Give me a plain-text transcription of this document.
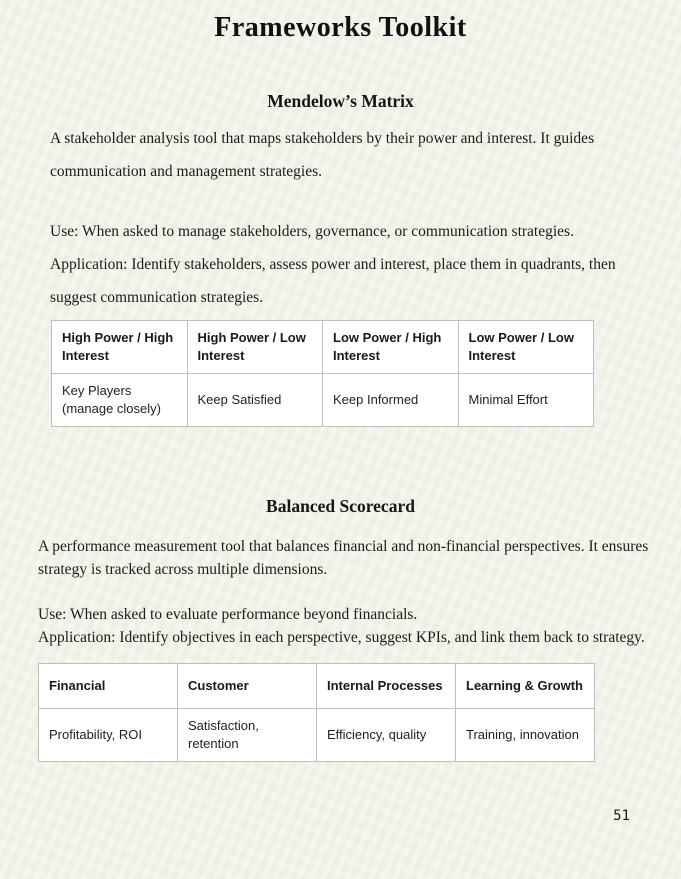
Frameworks Toolkit
Mendelow’s Matrix

A stakeholder analysis tool that maps stakeholders by their power and interest. It guides communication and management strategies.

Use: When asked to manage stakeholders, governance, or communication strategies.

Application: Identify stakeholders, assess power and interest, place them in quadrants, then suggest communication strategies.

High Power / High Interest	High Power / Low Interest	Low Power / High Interest	Low Power / Low Interest
Key Players (manage closely)	Keep Satisfied	Keep Informed	Minimal Effort
Balanced Scorecard

A performance measurement tool that balances financial and non-financial perspectives. It ensures strategy is tracked across multiple dimensions.

Use: When asked to evaluate performance beyond financials.

Application: Identify objectives in each perspective, suggest KPIs, and link them back to strategy.

Financial	Customer	Internal Processes	Learning & Growth
Profitability, ROI	Satisfaction, retention	Efficiency, quality	Training, innovation
51
